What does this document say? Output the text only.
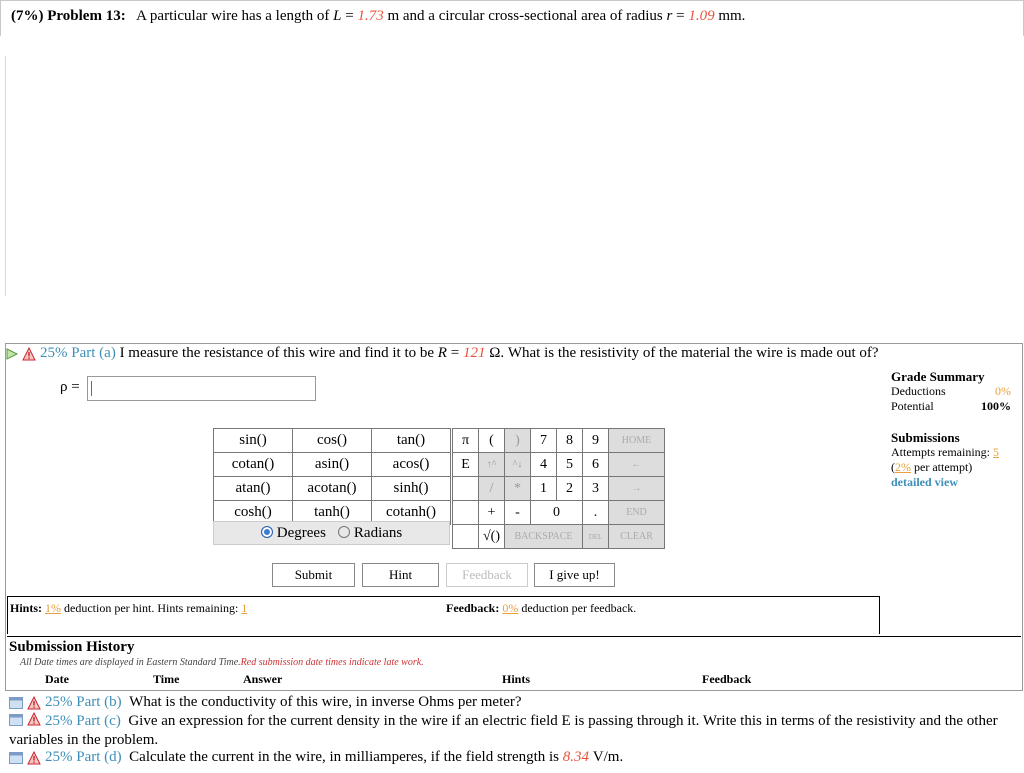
(7%) Problem 13: A particular wire has a length of L = 1.73 m and a circular cross-sectional area of radius r = 1.09 mm.
25%
Part (a)
I measure the resistance of this wire and find it to be
R = 121
Ω. What is the resistivity of the material the wire is made out of?
ρ =
Grade Summary
Deductions	0%
Potential	100%
Submissions
Attempts remaining: 5
(2% per attempt)
detailed view
sin()	cos()	tan()
cotan()	asin()	acos()
atan()	acotan()	sinh()
cosh()	tanh()	cotanh()
Degrees	Radians
π	(	)	7	8	9	HOME
E	↑^	^↓	4	5	6	←
	/	*	1	2	3	→
	+	-	0		.	END
	√()	BACKSPACE			DEL	CLEAR
Submit	Hint	Feedback	I give up!
Hints: 1% deduction per hint. Hints remaining: 1	Feedback: 0% deduction per feedback.
Submission History
All Date times are displayed in Eastern Standard Time.Red submission date times indicate late work.
Date	Time	Answer	Hints	Feedback
25%
Part (b)
What is the conductivity of this wire, in inverse Ohms per meter?
25% Part (c) Give an expression for the current density in the wire if an electric field E is passing through it. Write this in terms of the resistivity and the other variables in the problem.
25%
Part (d)
Calculate the current in the wire, in milliamperes, if the field strength is
8.34
V/m.
